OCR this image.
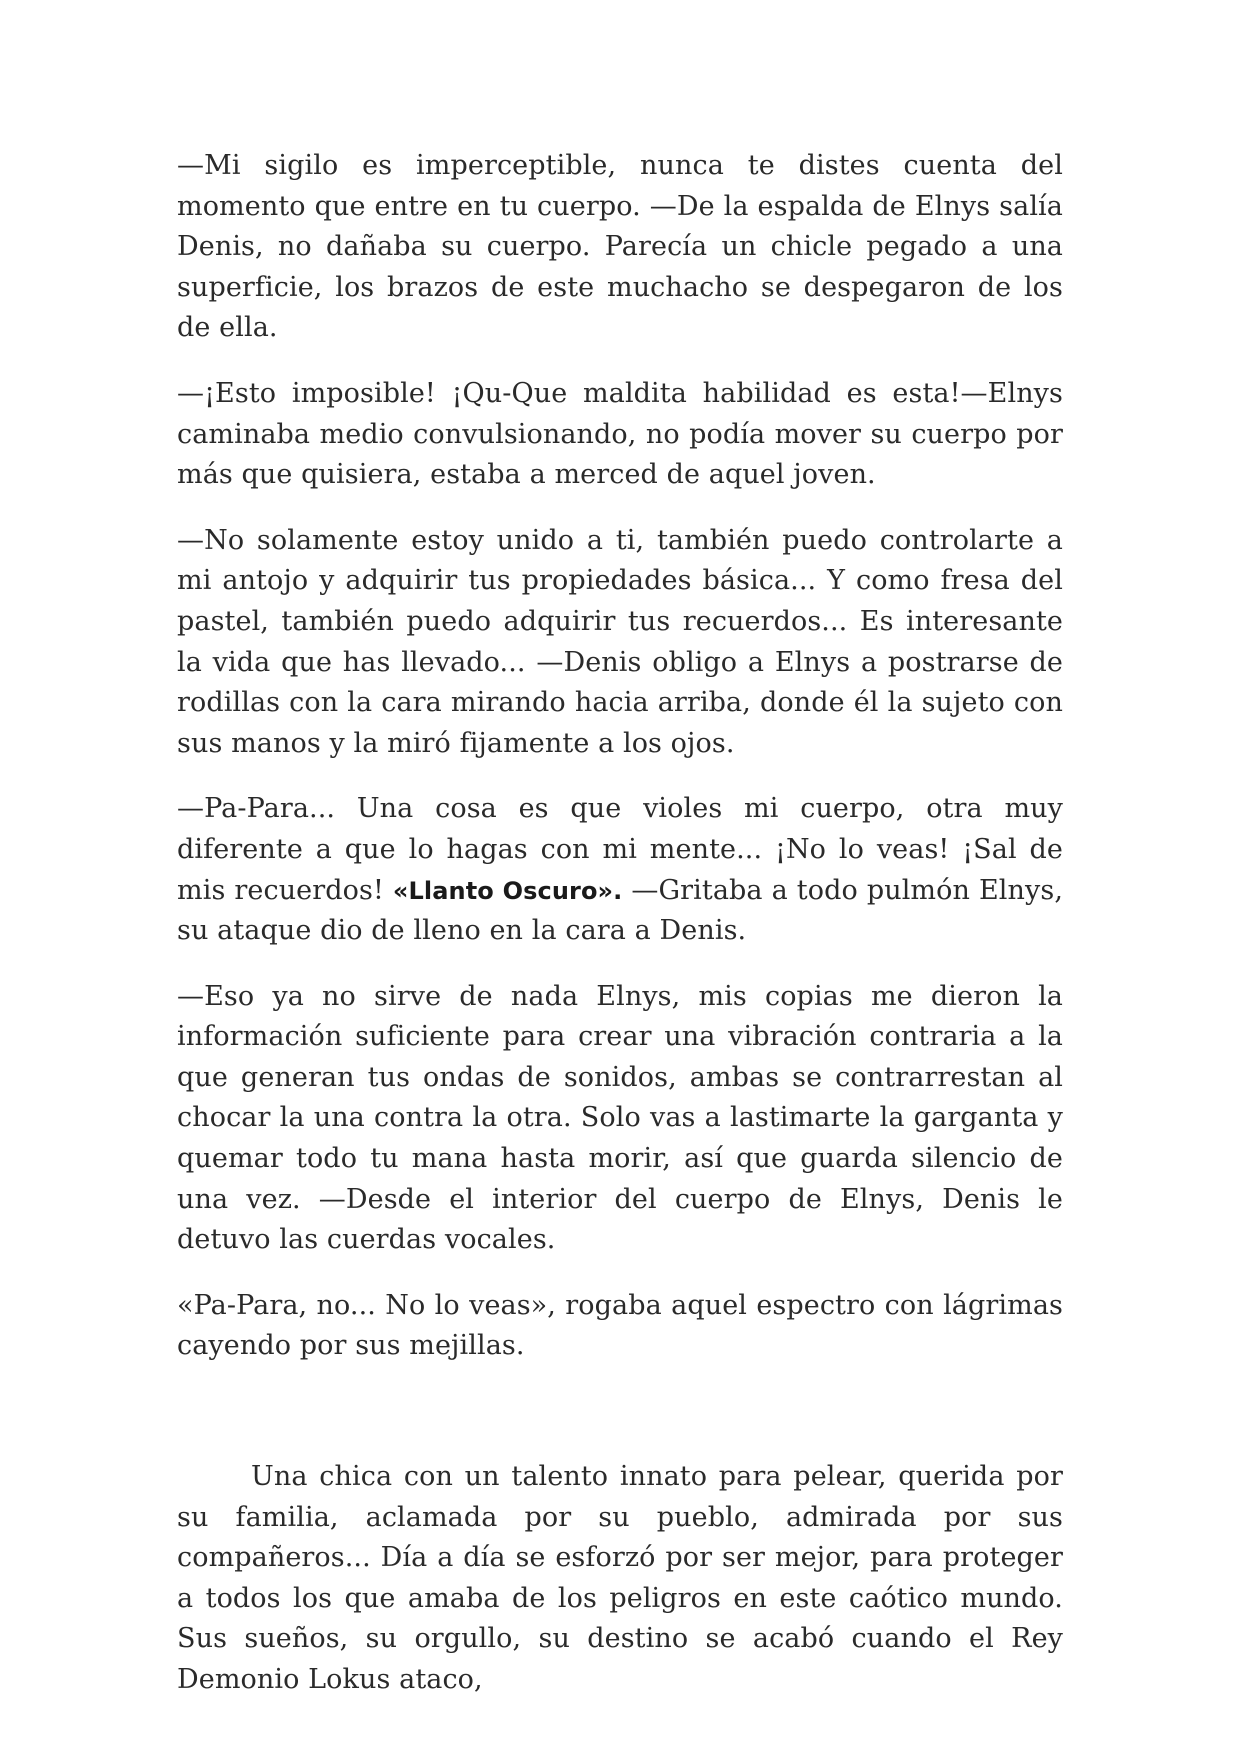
—Mi sigilo es imperceptible, nunca te distes cuenta del momento que entre en tu cuerpo. —De la espalda de Elnys salía Denis, no dañaba su cuerpo. Parecía un chicle pegado a una superficie, los brazos de este muchacho se despegaron de los de ella.

—¡Esto imposible! ¡Qu-Que maldita habilidad es esta!—Elnys caminaba medio convulsionando, no podía mover su cuerpo por más que quisiera, estaba a merced de aquel joven.

—No solamente estoy unido a ti, también puedo controlarte a mi antojo y adquirir tus propiedades básica... Y como fresa del pastel, también puedo adquirir tus recuerdos... Es interesante la vida que has llevado... —Denis obligo a Elnys a postrarse de rodillas con la cara mirando hacia arriba, donde él la sujeto con sus manos y la miró fijamente a los ojos.

—Pa-Para... Una cosa es que violes mi cuerpo, otra muy diferente a que lo hagas con mi mente... ¡No lo veas! ¡Sal de mis recuerdos! «Llanto Oscuro». —Gritaba a todo pulmón Elnys, su ataque dio de lleno en la cara a Denis.

—Eso ya no sirve de nada Elnys, mis copias me dieron la información suficiente para crear una vibración contraria a la que generan tus ondas de sonidos, ambas se contrarrestan al chocar la una contra la otra. Solo vas a lastimarte la garganta y quemar todo tu mana hasta morir, así que guarda silencio de una vez. —Desde el interior del cuerpo de Elnys, Denis le detuvo las cuerdas vocales.

«Pa-Para, no... No lo veas», rogaba aquel espectro con lágrimas cayendo por sus mejillas.

Una chica con un talento innato para pelear, querida por su familia, aclamada por su pueblo, admirada por sus compañeros... Día a día se esforzó por ser mejor, para proteger a todos los que amaba de los peligros en este caótico mundo. Sus sueños, su orgullo, su destino se acabó cuando el Rey Demonio Lokus ataco,
